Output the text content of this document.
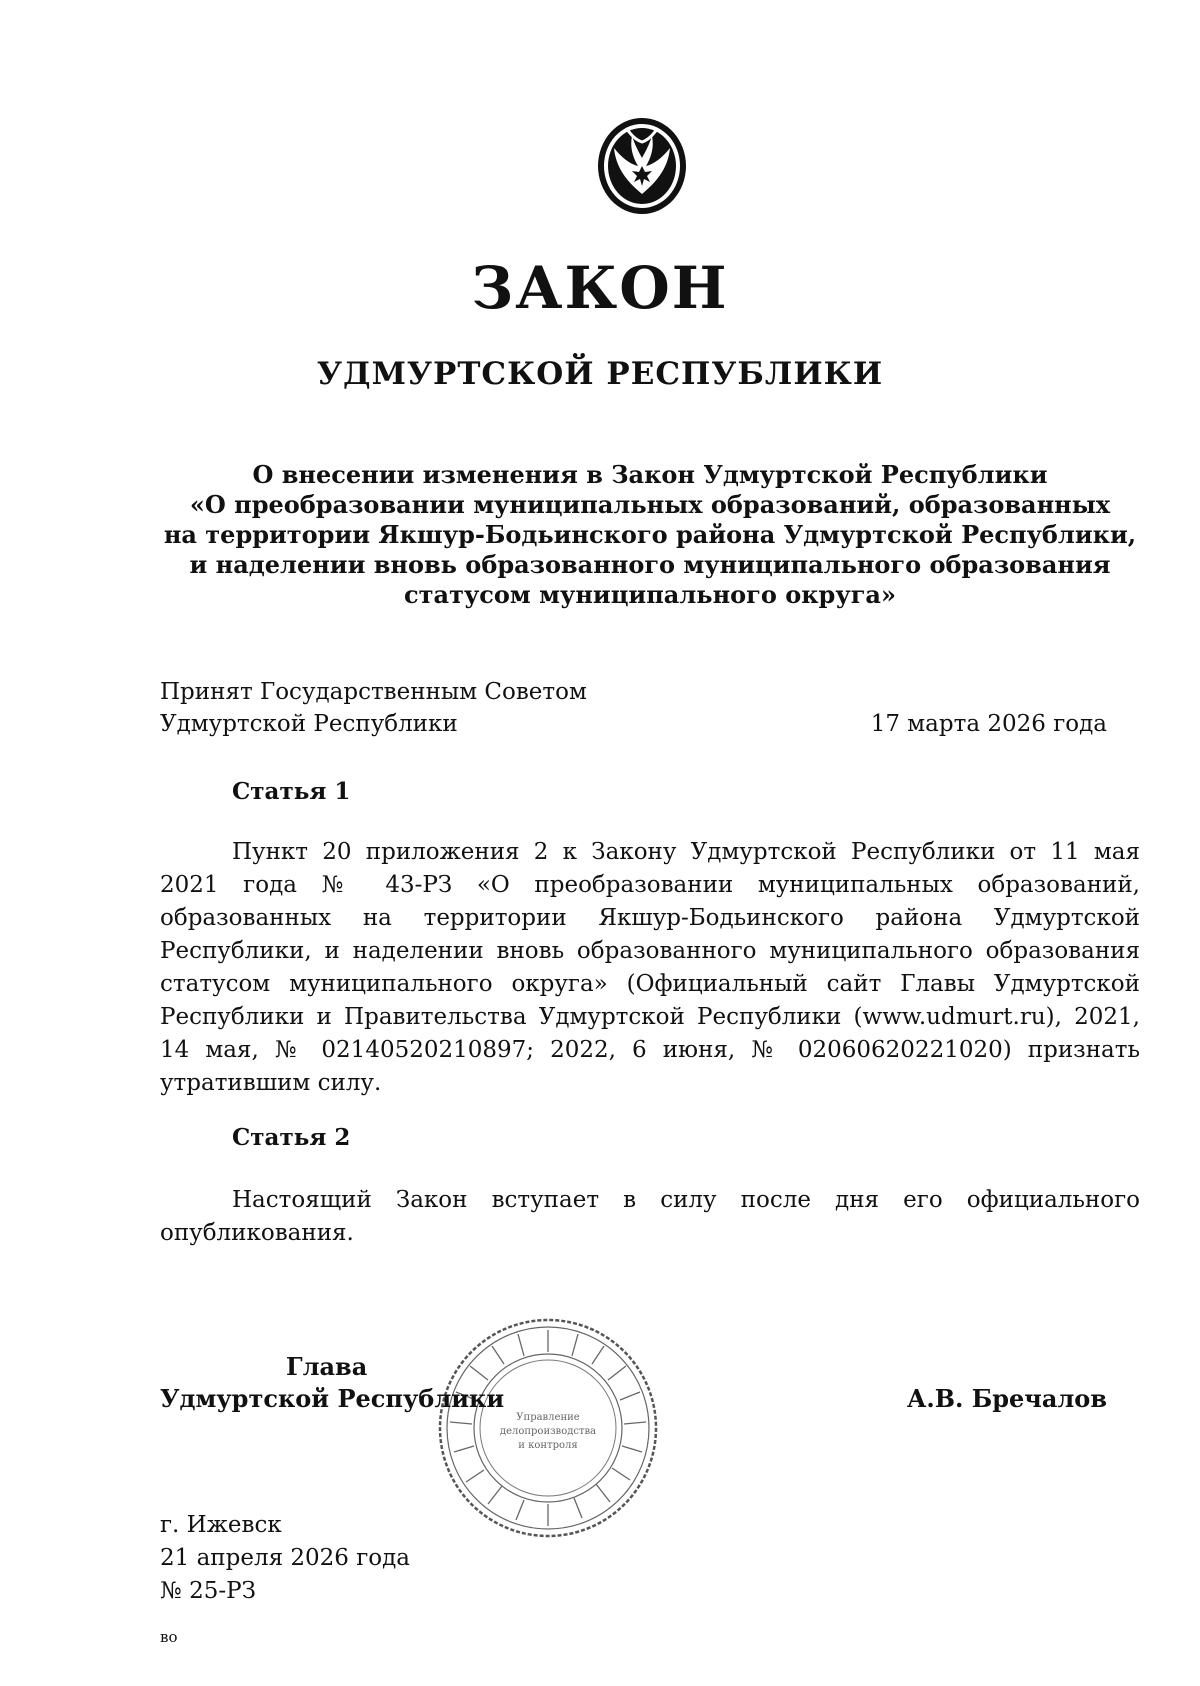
ЗАКОН
УДМУРТСКОЙ РЕСПУБЛИКИ
О внесении изменения в Закон Удмуртской Республики
«О преобразовании муниципальных образований, образованных
на территории Якшур-Бодьинского района Удмуртской Республики,
и наделении вновь образованного муниципального образования
статусом муниципального округа»
Принят Государственным Советом
Удмуртской Республики	17 марта 2026 года
Статья 1
Пункт 20 приложения 2 к Закону Удмуртской Республики от 11 мая
2021 года № 43-РЗ «О преобразовании муниципальных образований,
образованных на территории Якшур-Бодьинского района Удмуртской
Республики, и наделении вновь образованного муниципального образования
статусом муниципального округа» (Официальный сайт Главы Удмуртской
Республики и Правительства Удмуртской Республики (www.udmurt.ru), 2021,
14 мая, № 02140520210897; 2022, 6 июня, № 02060620221020) признать
утратившим силу.
Статья 2
Настоящий Закон вступает в силу после дня его официального
опубликования.
Управление
делопроизводства
и контроля
Глава
Удмуртской Республики	А.В. Бречалов
г. Ижевск
21 апреля 2026 года
№ 25-РЗ
во
